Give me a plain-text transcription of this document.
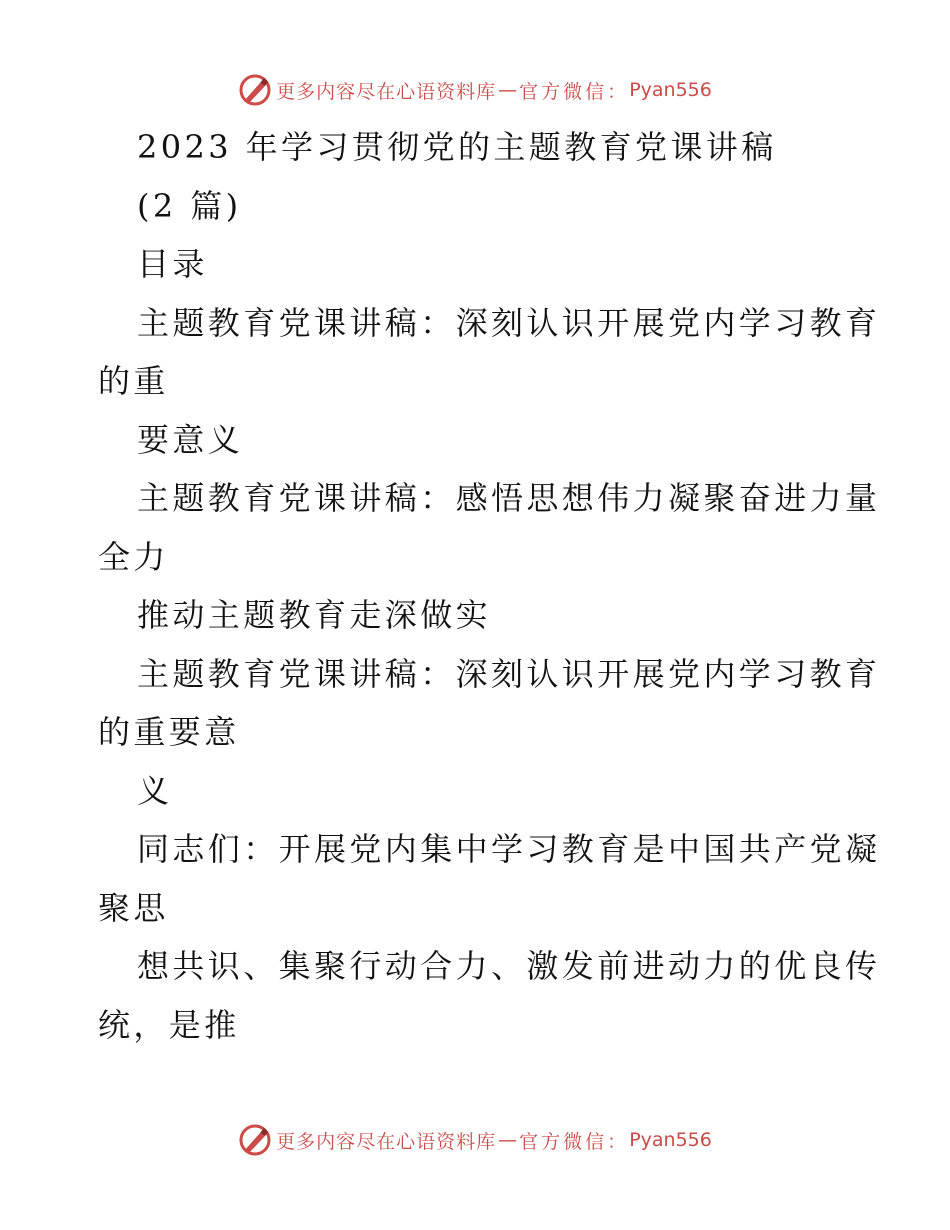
更多内容尽在心语资料库 — 官方微信： Pyan556
2023 年学习贯彻党的主题教育党课讲稿
(2 篇)
目录
主题教育党课讲稿：深刻认识开展党内学习教育
的重
要意义
主题教育党课讲稿：感悟思想伟力凝聚奋进力量
全力
推动主题教育走深做实
主题教育党课讲稿：深刻认识开展党内学习教育
的重要意
义
同志们：开展党内集中学习教育是中国共产党凝
聚思
想共识、集聚行动合力、激发前进动力的优良传
统，是推
更多内容尽在心语资料库 — 官方微信： Pyan556
